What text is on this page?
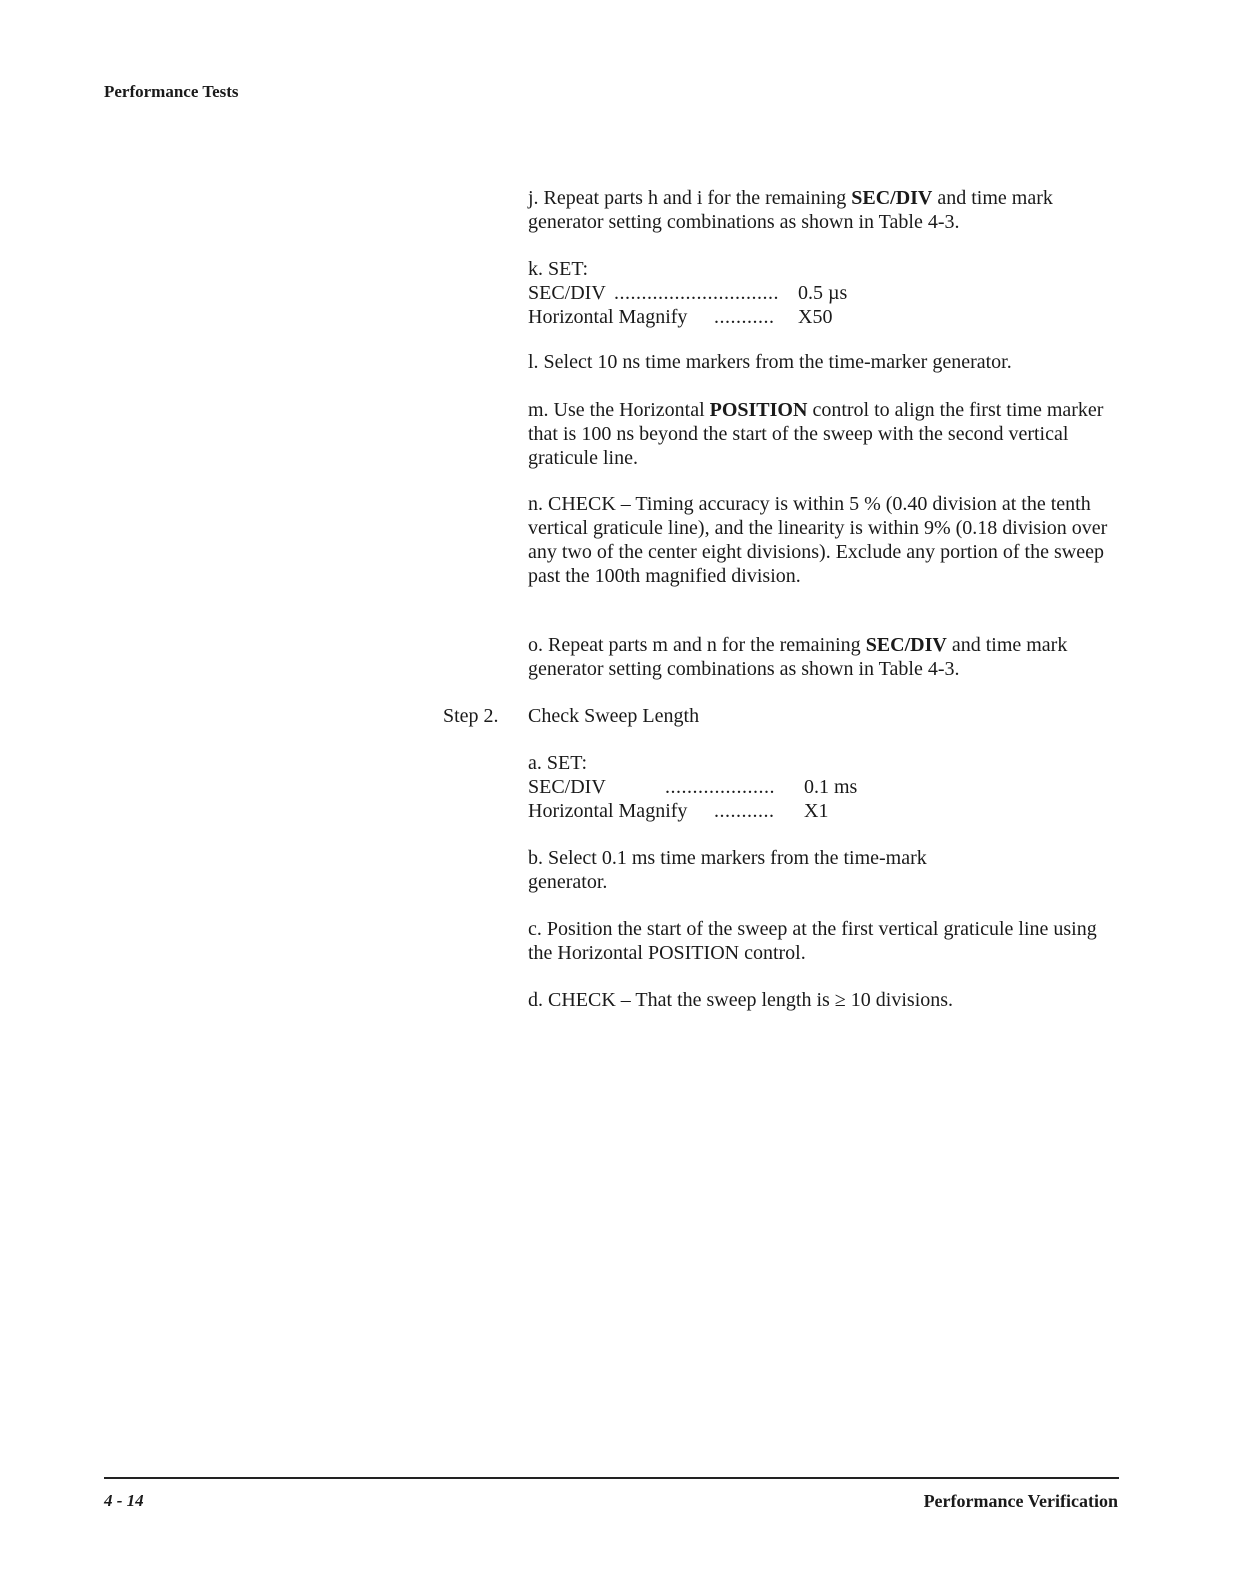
Performance Tests
j. Repeat parts h and i for the remaining SEC/DIV and time mark generator setting combinations as shown in Table 4-3.
k. SET:
SEC/DIV .............................. 0.5 µs
Horizontal Magnify ........... X50
l. Select 10 ns time markers from the time-marker generator.
m. Use the Horizontal POSITION control to align the first time marker that is 100 ns beyond the start of the sweep with the second vertical graticule line.
n. CHECK – Timing accuracy is within 5 % (0.40 division at the tenth vertical graticule line), and the linearity is within 9% (0.18 division over any two of the center eight divisions). Exclude any portion of the sweep past the 100th magnified division.
o. Repeat parts m and n for the remaining SEC/DIV and time mark generator setting combinations as shown in Table 4-3.
Check Sweep Length
a. SET:
SEC/DIV	.................... 0.1 ms
Horizontal Magnify ........... X1
b. Select 0.1 ms time markers from the time-mark generator.
c. Position the start of the sweep at the first vertical graticule line using the Horizontal POSITION control.
d. CHECK – That the sweep length is ≥ 10 divisions.
Step 2.
4 - 14	Performance Verification
